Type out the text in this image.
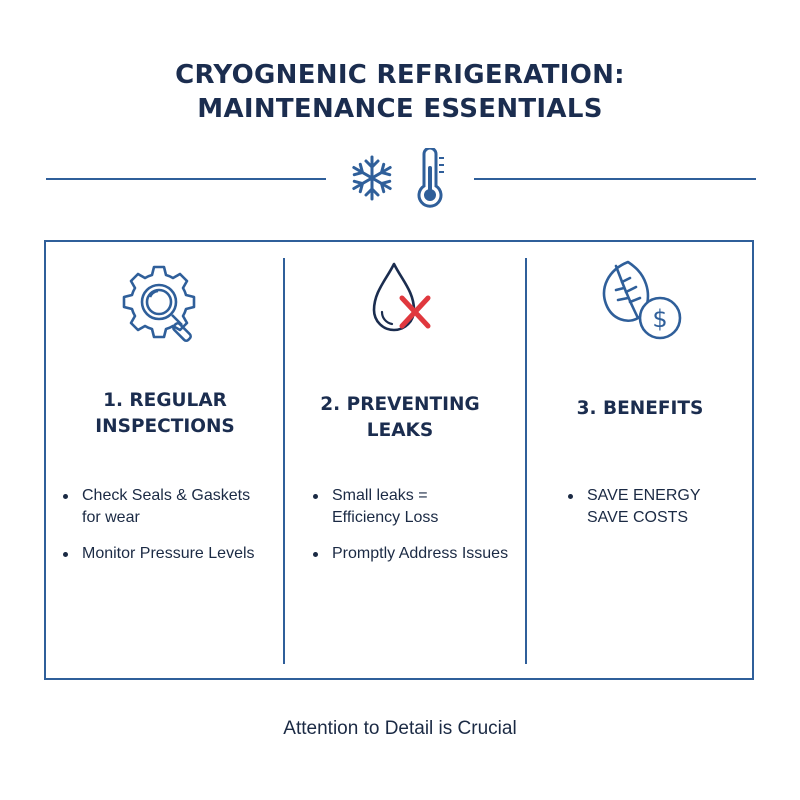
CRYOGNENIC REFRIGERATION:
MAINTENANCE ESSENTIALS
1. REGULAR
INSPECTIONS
Check Seals & Gaskets
for wear
Monitor Pressure Levels
2. PREVENTING
LEAKS
Small leaks =
Efficiency Loss
Promptly Address Issues
$
3. BENEFITS
SAVE ENERGY
SAVE COSTS
Attention to Detail is Crucial
